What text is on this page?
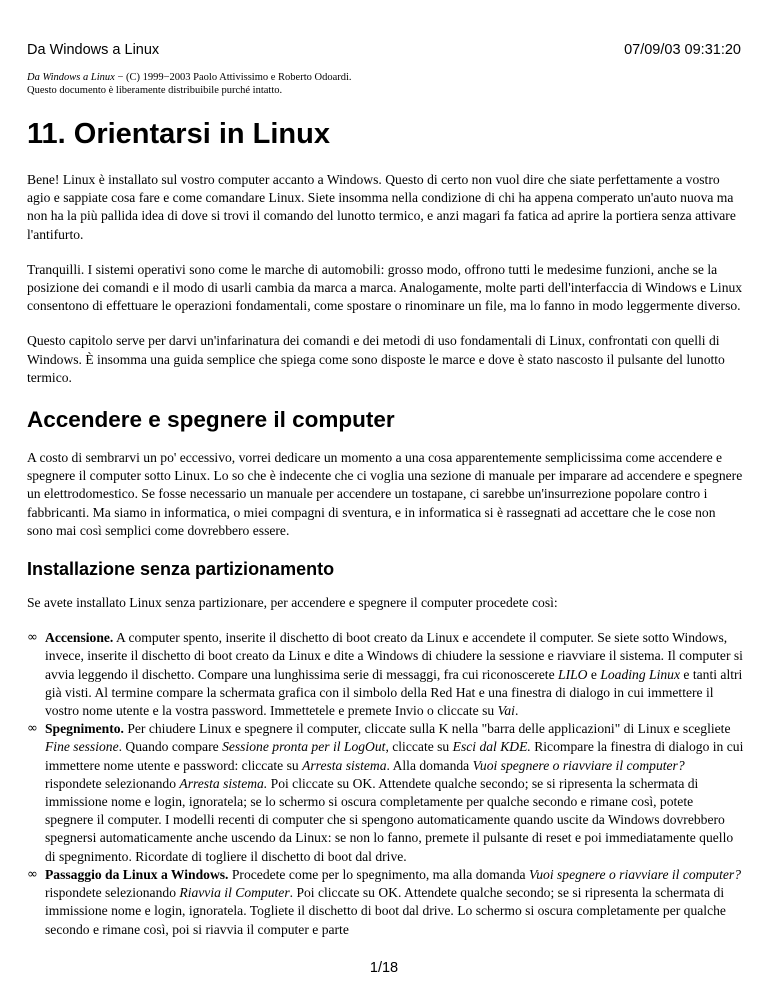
Da Windows a Linux	07/09/03 09:31:20
Da Windows a Linux − (C) 1999−2003 Paolo Attivissimo e Roberto Odoardi.
Questo documento è liberamente distribuibile purché intatto.
11. Orientarsi in Linux

Bene! Linux è installato sul vostro computer accanto a Windows. Questo di certo non vuol dire che siate perfettamente a vostro agio e sappiate cosa fare e come comandare Linux. Siete insomma nella condizione di chi ha appena comperato un'auto nuova ma non ha la più pallida idea di dove si trovi il comando del lunotto termico, e anzi magari fa fatica ad aprire la portiera senza attivare l'antifurto.

Tranquilli. I sistemi operativi sono come le marche di automobili: grosso modo, offrono tutti le medesime funzioni, anche se la posizione dei comandi e il modo di usarli cambia da marca a marca. Analogamente, molte parti dell'interfaccia di Windows e Linux consentono di effettuare le operazioni fondamentali, come spostare o rinominare un file, ma lo fanno in modo leggermente diverso.

Questo capitolo serve per darvi un'infarinatura dei comandi e dei metodi di uso fondamentali di Linux, confrontati con quelli di Windows. È insomma una guida semplice che spiega come sono disposte le marce e dove è stato nascosto il pulsante del lunotto termico.

Accendere e spegnere il computer

A costo di sembrarvi un po' eccessivo, vorrei dedicare un momento a una cosa apparentemente semplicissima come accendere e spegnere il computer sotto Linux. Lo so che è indecente che ci voglia una sezione di manuale per imparare ad accendere e spegnere un elettrodomestico. Se fosse necessario un manuale per accendere un tostapane, ci sarebbe un'insurrezione popolare contro i fabbricanti. Ma siamo in informatica, o miei compagni di sventura, e in informatica si è rassegnati ad accettare che le cose non sono mai così semplici come dovrebbero essere.

Installazione senza partizionamento

Se avete installato Linux senza partizionare, per accendere e spegnere il computer procedete così:

∞ Accensione. A computer spento, inserite il dischetto di boot creato da Linux e accendete il computer. Se siete sotto Windows, invece, inserite il dischetto di boot creato da Linux e dite a Windows di chiudere la sessione e riavviare il sistema. Il computer si avvia leggendo il dischetto. Compare una lunghissima serie di messaggi, fra cui riconoscerete LILO e Loading Linux e tanti altri già visti. Al termine compare la schermata grafica con il simbolo della Red Hat e una finestra di dialogo in cui immettere il vostro nome utente e la vostra password. Immettetele e premete Invio o cliccate su Vai.
∞ Spegnimento. Per chiudere Linux e spegnere il computer, cliccate sulla K nella "barra delle applicazioni" di Linux e scegliete Fine sessione. Quando compare Sessione pronta per il LogOut, cliccate su Esci dal KDE. Ricompare la finestra di dialogo in cui immettere nome utente e password: cliccate su Arresta sistema. Alla domanda Vuoi spegnere o riavviare il computer? rispondete selezionando Arresta sistema. Poi cliccate su OK. Attendete qualche secondo; se si ripresenta la schermata di immissione nome e login, ignoratela; se lo schermo si oscura completamente per qualche secondo e rimane così, potete spegnere il computer. I modelli recenti di computer che si spengono automaticamente quando uscite da Windows dovrebbero spegnersi automaticamente anche uscendo da Linux: se non lo fanno, premete il pulsante di reset e poi immediatamente quello di spegnimento. Ricordate di togliere il dischetto di boot dal drive.
∞ Passaggio da Linux a Windows. Procedete come per lo spegnimento, ma alla domanda Vuoi spegnere o riavviare il computer? rispondete selezionando Riavvia il Computer. Poi cliccate su OK. Attendete qualche secondo; se si ripresenta la schermata di immissione nome e login, ignoratela. Togliete il dischetto di boot dal drive. Lo schermo si oscura completamente per qualche secondo e rimane così, poi si riavvia il computer e parte
1/18
